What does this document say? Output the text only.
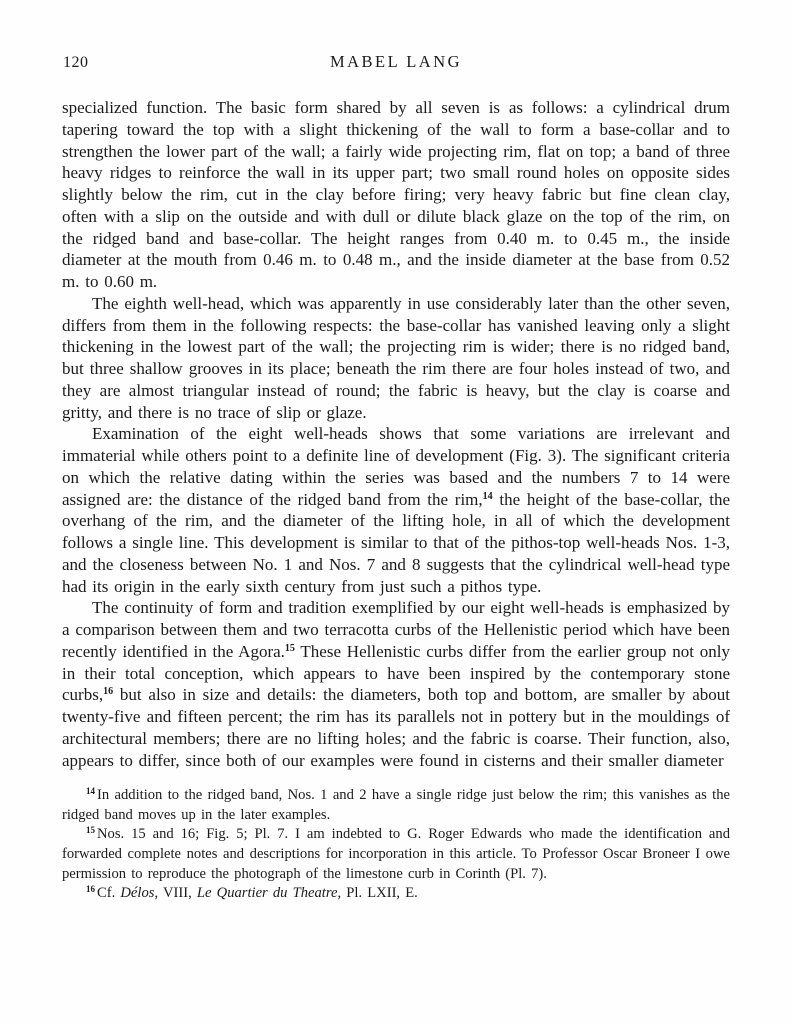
120	MABEL LANG

specialized function. The basic form shared by all seven is as follows: a cylindrical drum tapering toward the top with a slight thickening of the wall to form a base-collar and to strengthen the lower part of the wall; a fairly wide projecting rim, flat on top; a band of three heavy ridges to reinforce the wall in its upper part; two small round holes on opposite sides slightly below the rim, cut in the clay before firing; very heavy fabric but fine clean clay, often with a slip on the outside and with dull or dilute black glaze on the top of the rim, on the ridged band and base-collar. The height ranges from 0.40 m. to 0.45 m., the inside diameter at the mouth from 0.46 m. to 0.48 m., and the inside diameter at the base from 0.52 m. to 0.60 m.

The eighth well-head, which was apparently in use considerably later than the other seven, differs from them in the following respects: the base-collar has vanished leaving only a slight thickening in the lowest part of the wall; the projecting rim is wider; there is no ridged band, but three shallow grooves in its place; beneath the rim there are four holes instead of two, and they are almost triangular instead of round; the fabric is heavy, but the clay is coarse and gritty, and there is no trace of slip or glaze.

Examination of the eight well-heads shows that some variations are irrelevant and immaterial while others point to a definite line of development (Fig. 3). The significant criteria on which the relative dating within the series was based and the numbers 7 to 14 were assigned are: the distance of the ridged band from the rim,$^{14}$ the height of the base-collar, the overhang of the rim, and the diameter of the lifting hole, in all of which the development follows a single line. This development is similar to that of the pithos-top well-heads Nos. 1-3, and the closeness between No. 1 and Nos. 7 and 8 suggests that the cylindrical well-head type had its origin in the early sixth century from just such a pithos type.

The continuity of form and tradition exemplified by our eight well-heads is emphasized by a comparison between them and two terracotta curbs of the Hellenistic period which have been recently identified in the Agora.$^{15}$ These Hellenistic curbs differ from the earlier group not only in their total conception, which appears to have been inspired by the contemporary stone curbs,$^{16}$ but also in size and details: the diameters, both top and bottom, are smaller by about twenty-five and fifteen percent; the rim has its parallels not in pottery but in the mouldings of architectural members; there are no lifting holes; and the fabric is coarse. Their function, also, appears to differ, since both of our examples were found in cisterns and their smaller diameter

$^{14}$ In addition to the ridged band, Nos. 1 and 2 have a single ridge just below the rim; this vanishes as the ridged band moves up in the later examples.

$^{15}$ Nos. 15 and 16; Fig. 5; Pl. 7. I am indebted to G. Roger Edwards who made the identification and forwarded complete notes and descriptions for incorporation in this article. To Professor Oscar Broneer I owe permission to reproduce the photograph of the limestone curb in Corinth (Pl. 7).

$^{16}$ Cf. Délos, VIII, Le Quartier du Theatre, Pl. LXII, E.
